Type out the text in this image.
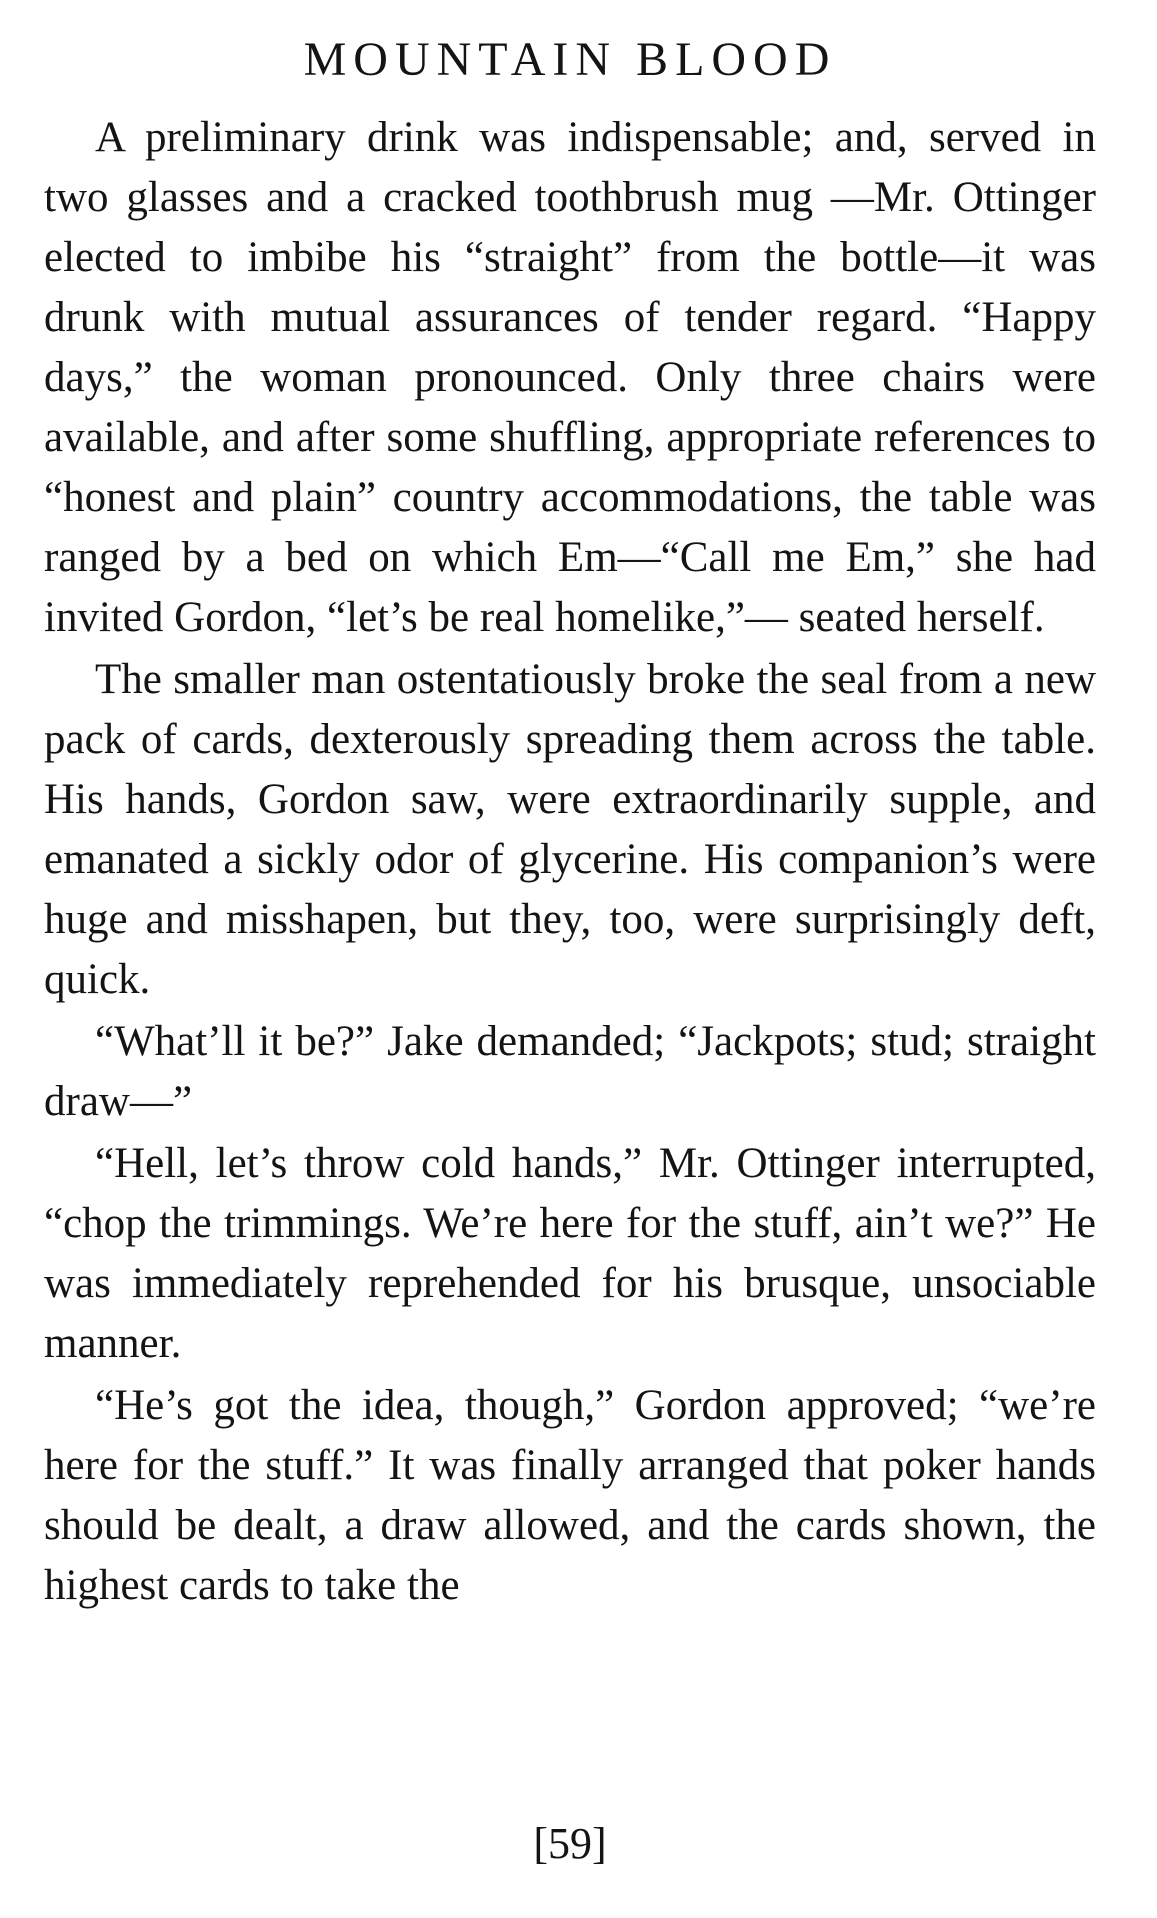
MOUNTAIN BLOOD

A preliminary drink was indispensable; and, served in two glasses and a cracked toothbrush mug —Mr. Ottinger elected to imbibe his “straight” from the bottle—it was drunk with mutual assurances of tender regard. “Happy days,” the woman pronounced. Only three chairs were available, and after some shuffling, appropriate references to “honest and plain” country accommodations, the table was ranged by a bed on which Em—“Call me Em,” she had invited Gordon, “let’s be real homelike,”— seated herself.

The smaller man ostentatiously broke the seal from a new pack of cards, dexterously spreading them across the table. His hands, Gordon saw, were extraordinarily supple, and emanated a sickly odor of glycerine. His companion’s were huge and misshapen, but they, too, were surprisingly deft, quick.

“What’ll it be?” Jake demanded; “Jackpots; stud; straight draw—”

“Hell, let’s throw cold hands,” Mr. Ottinger interrupted, “chop the trimmings. We’re here for the stuff, ain’t we?” He was immediately reprehended for his brusque, unsociable manner.

“He’s got the idea, though,” Gordon approved; “we’re here for the stuff.” It was finally arranged that poker hands should be dealt, a draw allowed, and the cards shown, the highest cards to take the

[59]
